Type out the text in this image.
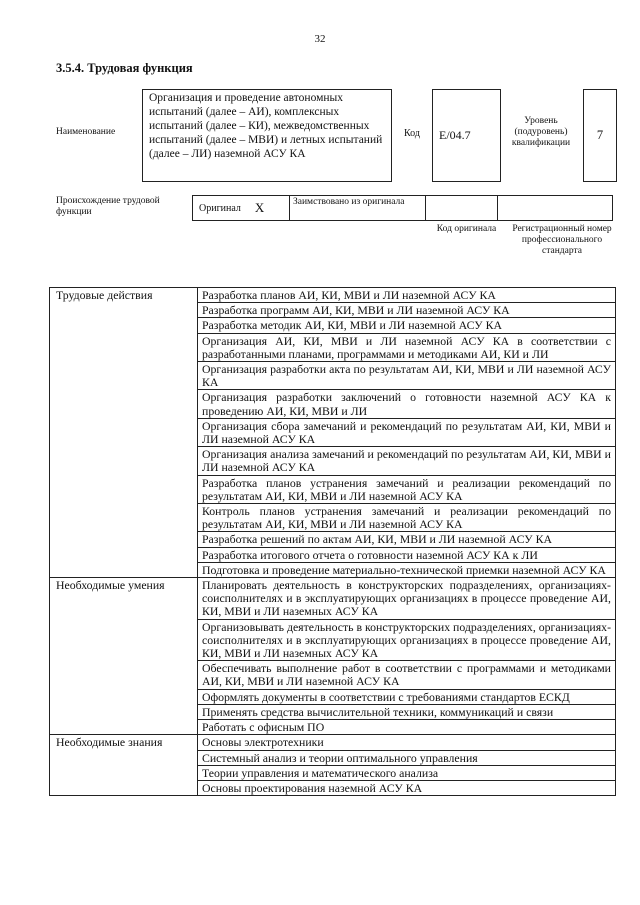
32
3.5.4. Трудовая функция
Наименование
Организация и проведение автономных испытаний (далее – АИ), комплексных испытаний (далее – КИ), межведомственных испытаний (далее – МВИ) и летных испытаний (далее – ЛИ) наземной АСУ КА
Код	E/04.7
Уровень (подуровень) квалификации
7
Происхождение трудовой функции	Оригинал X	Заимствовано из оригинала
Код оригинала	Регистрационный номер профессионального стандарта
Трудовые действия	Разработка планов АИ, КИ, МВИ и ЛИ наземной АСУ КА
	Разработка программ АИ, КИ, МВИ и ЛИ наземной АСУ КА
	Разработка методик АИ, КИ, МВИ и ЛИ наземной АСУ КА
	Организация АИ, КИ, МВИ и ЛИ наземной АСУ КА в соответствии с разработанными планами, программами и методиками АИ, КИ и ЛИ
	Организация разработки акта по результатам АИ, КИ, МВИ и ЛИ наземной АСУ КА
	Организация разработки заключений о готовности наземной АСУ КА к проведению АИ, КИ, МВИ и ЛИ
	Организация сбора замечаний и рекомендаций по результатам АИ, КИ, МВИ и ЛИ наземной АСУ КА
	Организация анализа замечаний и рекомендаций по результатам АИ, КИ, МВИ и ЛИ наземной АСУ КА
	Разработка планов устранения замечаний и реализации рекомендаций по результатам АИ, КИ, МВИ и ЛИ наземной АСУ КА
	Контроль планов устранения замечаний и реализации рекомендаций по результатам АИ, КИ, МВИ и ЛИ наземной АСУ КА
	Разработка решений по актам АИ, КИ, МВИ и ЛИ наземной АСУ КА
	Разработка итогового отчета о готовности наземной АСУ КА к ЛИ
	Подготовка и проведение материально-технической приемки наземной АСУ КА
Необходимые умения	Планировать деятельность в конструкторских подразделениях, организациях-соисполнителях и в эксплуатирующих организациях в процессе проведение АИ, КИ, МВИ и ЛИ наземных АСУ КА
	Организовывать деятельность в конструкторских подразделениях, организациях-соисполнителях и в эксплуатирующих организациях в процессе проведение АИ, КИ, МВИ и ЛИ наземных АСУ КА
	Обеспечивать выполнение работ в соответствии с программами и методиками АИ, КИ, МВИ и ЛИ наземной АСУ КА
	Оформлять документы в соответствии с требованиями стандартов ЕСКД
	Применять средства вычислительной техники, коммуникаций и связи
	Работать с офисным ПО
Необходимые знания	Основы электротехники
	Системный анализ и теории оптимального управления
	Теории управления и математического анализа
	Основы проектирования наземной АСУ КА
